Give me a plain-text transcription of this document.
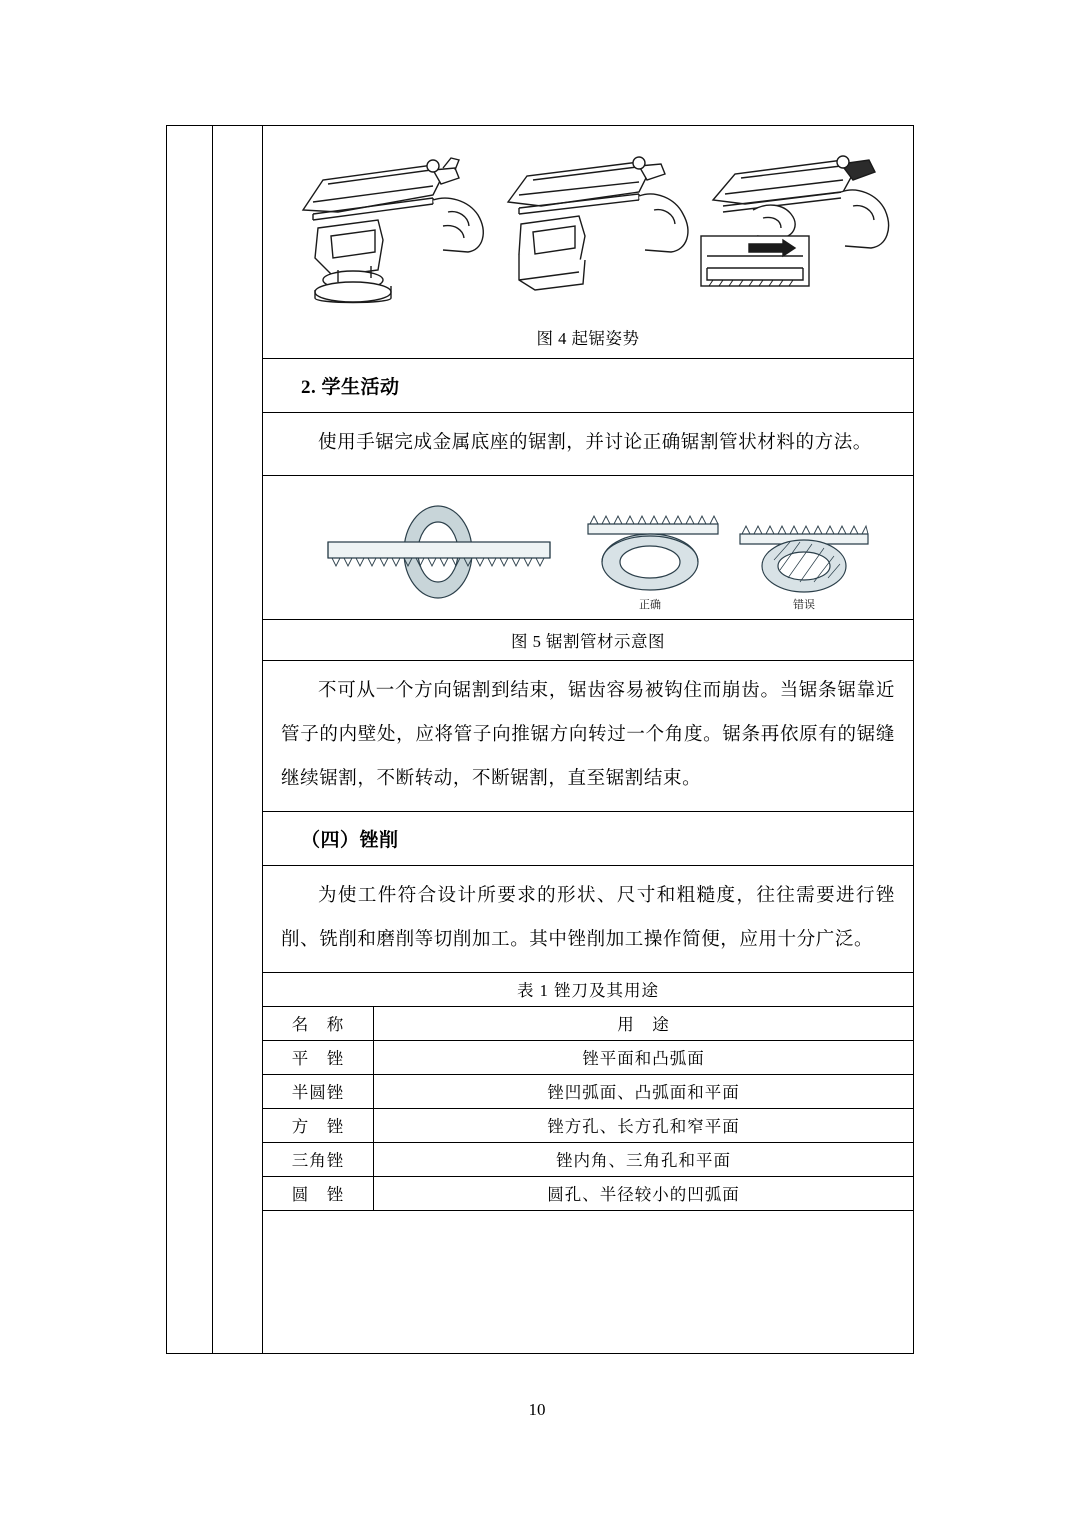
图 4 起锯姿势
2. 学生活动
使用手锯完成金属底座的锯割，并讨论正确锯割管状材料的方法。
正确	错误
图 5 锯割管材示意图
不可从一个方向锯割到结束，锯齿容易被钩住而崩齿。当锯条锯靠近管子的内壁处，应将管子向推锯方向转过一个角度。锯条再依原有的锯缝继续锯割，不断转动，不断锯割，直至锯割结束。
（四）锉削
为使工件符合设计所要求的形状、尺寸和粗糙度，往往需要进行锉削、铣削和磨削等切削加工。其中锉削加工操作简便，应用十分广泛。
表 1 锉刀及其用途	
名　称	用　途
平　锉	锉平面和凸弧面
半圆锉	锉凹弧面、凸弧面和平面
方　锉	锉方孔、长方孔和窄平面
三角锉	锉内角、三角孔和平面
圆　锉	圆孔、半径较小的凹弧面

10
